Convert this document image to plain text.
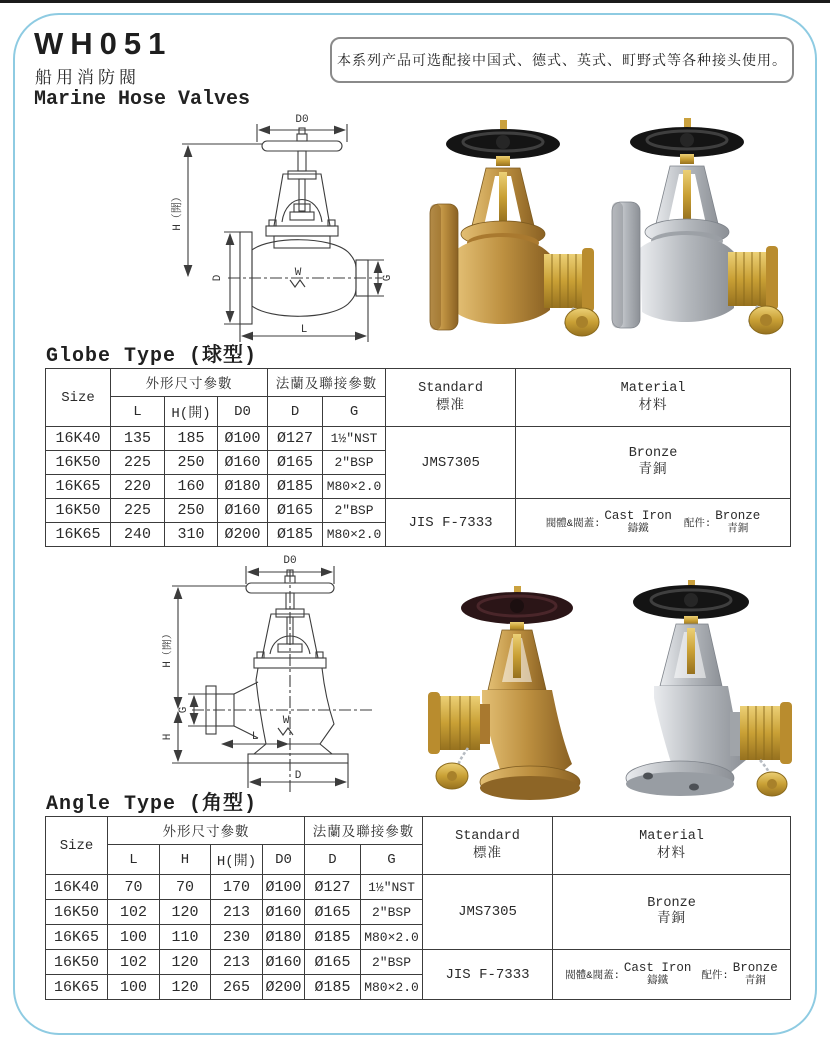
WH051
船用消防閥
Marine Hose Valves
本系列产品可选配接中国式、德式、英式、町野式等各种接头使用。
D0
H（開）
D	W	G
L
Globe Type (球型)
Size	外形尺寸參數			法蘭及聯接參數		Standard
標准	Material
材料

	L	H(開)	D0	D	G		
16K40	135	185	Ø100	Ø127	1½″NST	JMS7305	Bronze
青銅

16K50	225	250	Ø160	Ø165	2″BSP		
16K65	220	160	Ø180	Ø185	M80×2.0		
16K50	225	250	Ø160	Ø165	2″BSP	JIS F-7333	閥體&閥蓋:
Cast Iron
鑄鐵	配件:
Bronze
青銅

16K65	240	310	Ø200	Ø185	M80×2.0		
D0
H（開）
H
G
L
W
D
Angle Type (角型)
Size	外形尺寸參數				法蘭及聯接參數		Standard
標准	Material
材料

	L	H	H(開)	D0	D	G		
16K40	70	70	170	Ø100	Ø127	1½″NST	JMS7305	Bronze
青銅

16K50	102	120	213	Ø160	Ø165	2″BSP		
16K65	100	110	230	Ø180	Ø185	M80×2.0		
16K50	102	120	213	Ø160	Ø165	2″BSP	JIS F-7333	閥體&閥蓋:
Cast Iron
鑄鐵	配件:
Bronze
青銅

16K65	100	120	265	Ø200	Ø185	M80×2.0		
